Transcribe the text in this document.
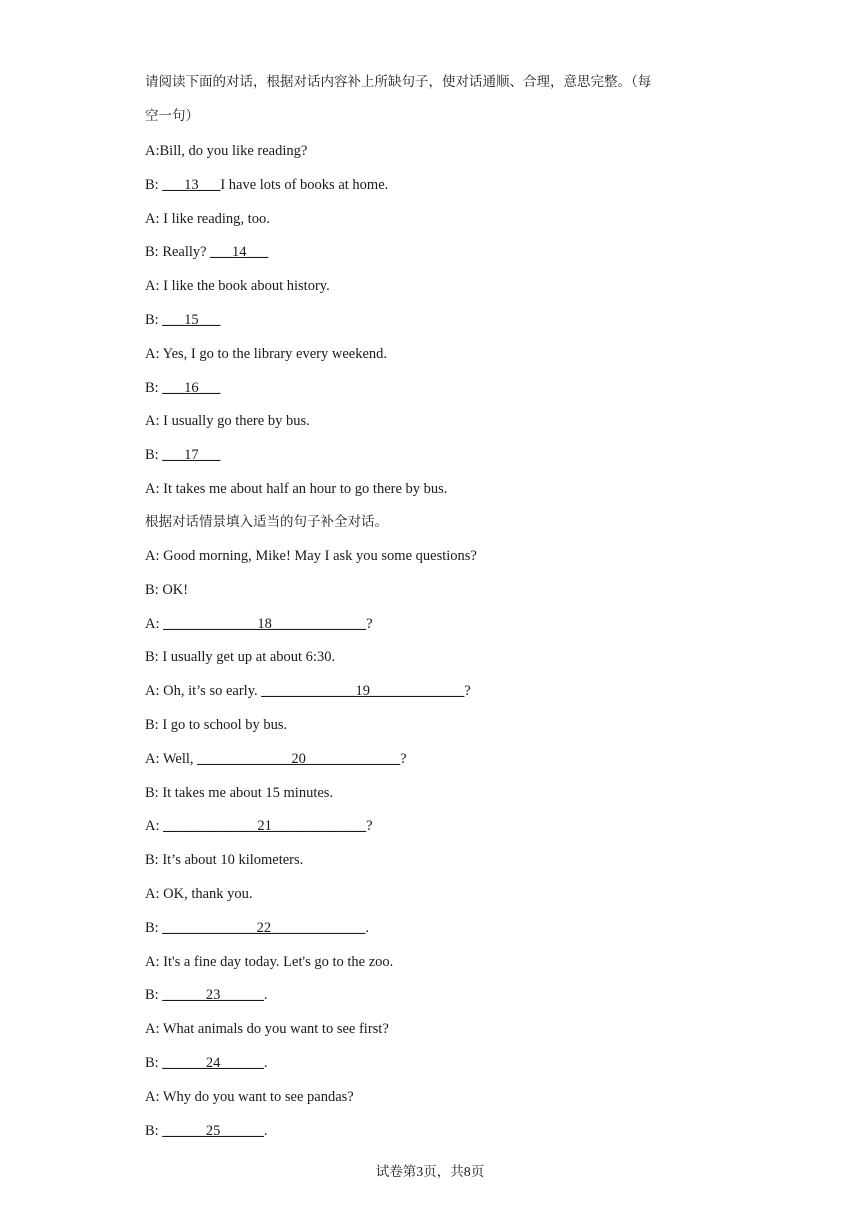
请阅读下面的对话，根据对话内容补上所缺句子，使对话通顺、合理，意思完整。（每
空一句）
A:Bill, do you like reading?
B: ___13___I have lots of books at home.
A: I like reading, too.
B: Really? ___14___
A: I like the book about history.
B: ___15___
A: Yes, I go to the library every weekend.
B: ___16___
A: I usually go there by bus.
B: ___17___
A: It takes me about half an hour to go there by bus.
根据对话情景填入适当的句子补全对话。
A: Good morning, Mike! May I ask you some questions?
B: OK!
A: _____________18_____________?
B: I usually get up at about 6:30.
A: Oh, it’s so early. _____________19_____________?
B: I go to school by bus.
A: Well, _____________20_____________?
B: It takes me about 15 minutes.
A: _____________21_____________?
B: It’s about 10 kilometers.
A: OK, thank you.
B: _____________22_____________.
A: It's a fine day today. Let's go to the zoo.
B: ______23______.
A: What animals do you want to see first?
B: ______24______.
A: Why do you want to see pandas?
B: ______25______.
试卷第3页，共8页
